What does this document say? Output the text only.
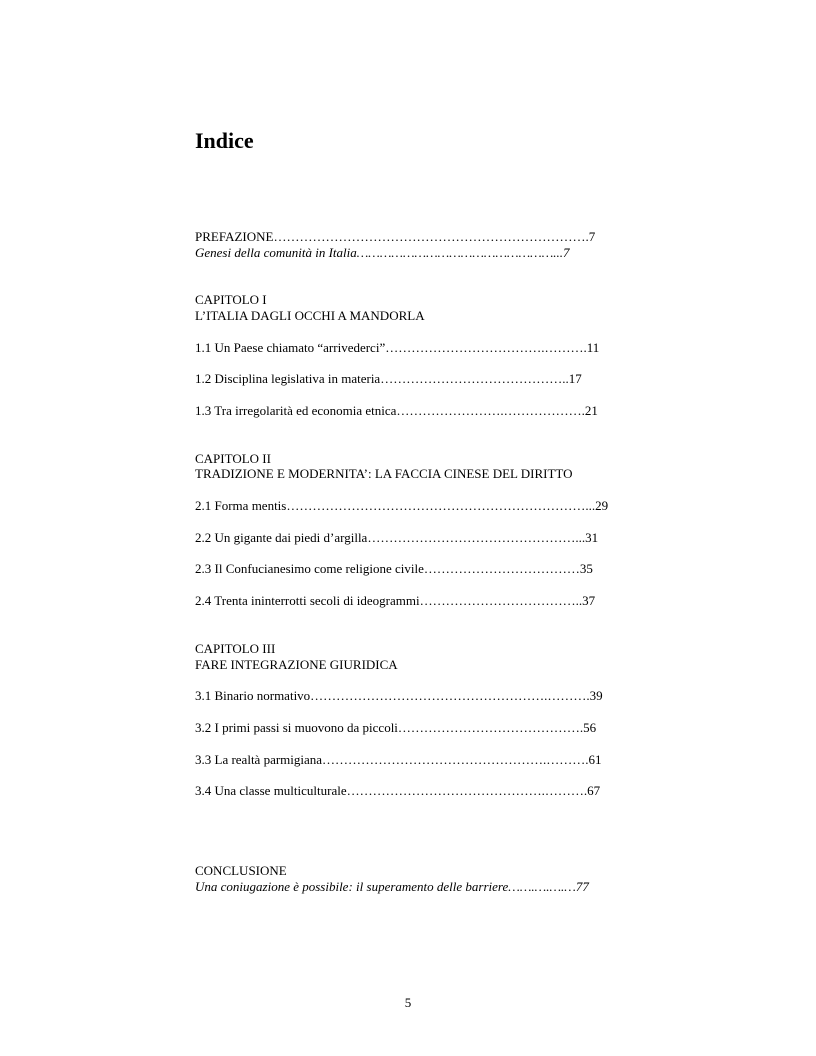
Indice
PREFAZIONE……………………………………………………………….7
Genesi della comunità in Italia……………………………………………...7
CAPITOLO I
L’ITALIA DAGLI OCCHI A MANDORLA
1.1 Un Paese chiamato “arrivederci”……………………………….……….11
1.2 Disciplina legislativa in materia……………………………………..17
1.3 Tra irregolarità ed economia etnica…………………….……………….21
CAPITOLO II
TRADIZIONE E MODERNITA’: LA FACCIA CINESE DEL DIRITTO
2.1 Forma mentis……………………………………………………………...29
2.2 Un gigante dai piedi d’argilla…………………………………………...31
2.3 Il Confucianesimo come religione civile………………………………35
2.4 Trenta ininterrotti secoli di ideogrammi………………………………..37
CAPITOLO III
FARE INTEGRAZIONE GIURIDICA
3.1 Binario normativo……………………………………………….……….39
3.2 I primi passi si muovono da piccoli…………………………………….56
3.3 La realtà parmigiana…………………………………………….……….61
3.4 Una classe multiculturale……………………………………….……….67
CONCLUSIONE
Una coniugazione è possibile: il superamento delle barriere…….….….…77
5
